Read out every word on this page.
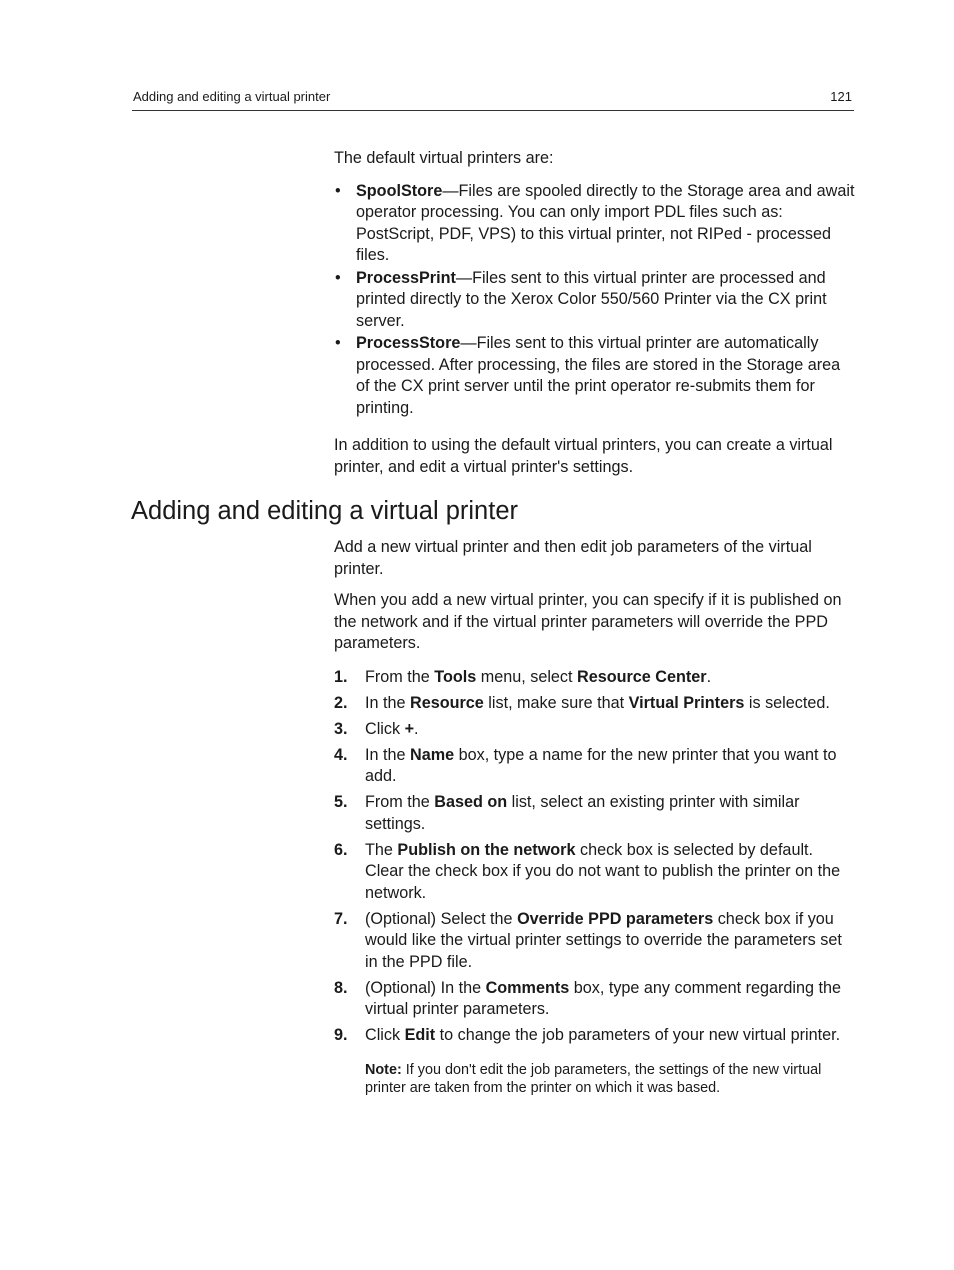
Adding and editing a virtual printer	121

The default virtual printers are:

• SpoolStore—Files are spooled directly to the Storage area and await operator processing. You can only import PDL files such as: PostScript, PDF, VPS) to this virtual printer, not RIPed - processed files.
• ProcessPrint—Files sent to this virtual printer are processed and printed directly to the Xerox Color 550/560 Printer via the CX print server.
• ProcessStore—Files sent to this virtual printer are automatically processed. After processing, the files are stored in the Storage area of the CX print server until the print operator re-submits them for printing.

In addition to using the default virtual printers, you can create a virtual printer, and edit a virtual printer's settings.

Adding and editing a virtual printer

Add a new virtual printer and then edit job parameters of the virtual printer.

When you add a new virtual printer, you can specify if it is published on the network and if the virtual printer parameters will override the PPD parameters.

1. From the Tools menu, select Resource Center.
2. In the Resource list, make sure that Virtual Printers is selected.
3. Click +.
4. In the Name box, type a name for the new printer that you want to add.
5. From the Based on list, select an existing printer with similar settings.
6. The Publish on the network check box is selected by default. Clear the check box if you do not want to publish the printer on the network.
7. (Optional) Select the Override PPD parameters check box if you would like the virtual printer settings to override the parameters set in the PPD file.
8. (Optional) In the Comments box, type any comment regarding the virtual printer parameters.
9. Click Edit to change the job parameters of your new virtual printer.

Note: If you don't edit the job parameters, the settings of the new virtual printer are taken from the printer on which it was based.
